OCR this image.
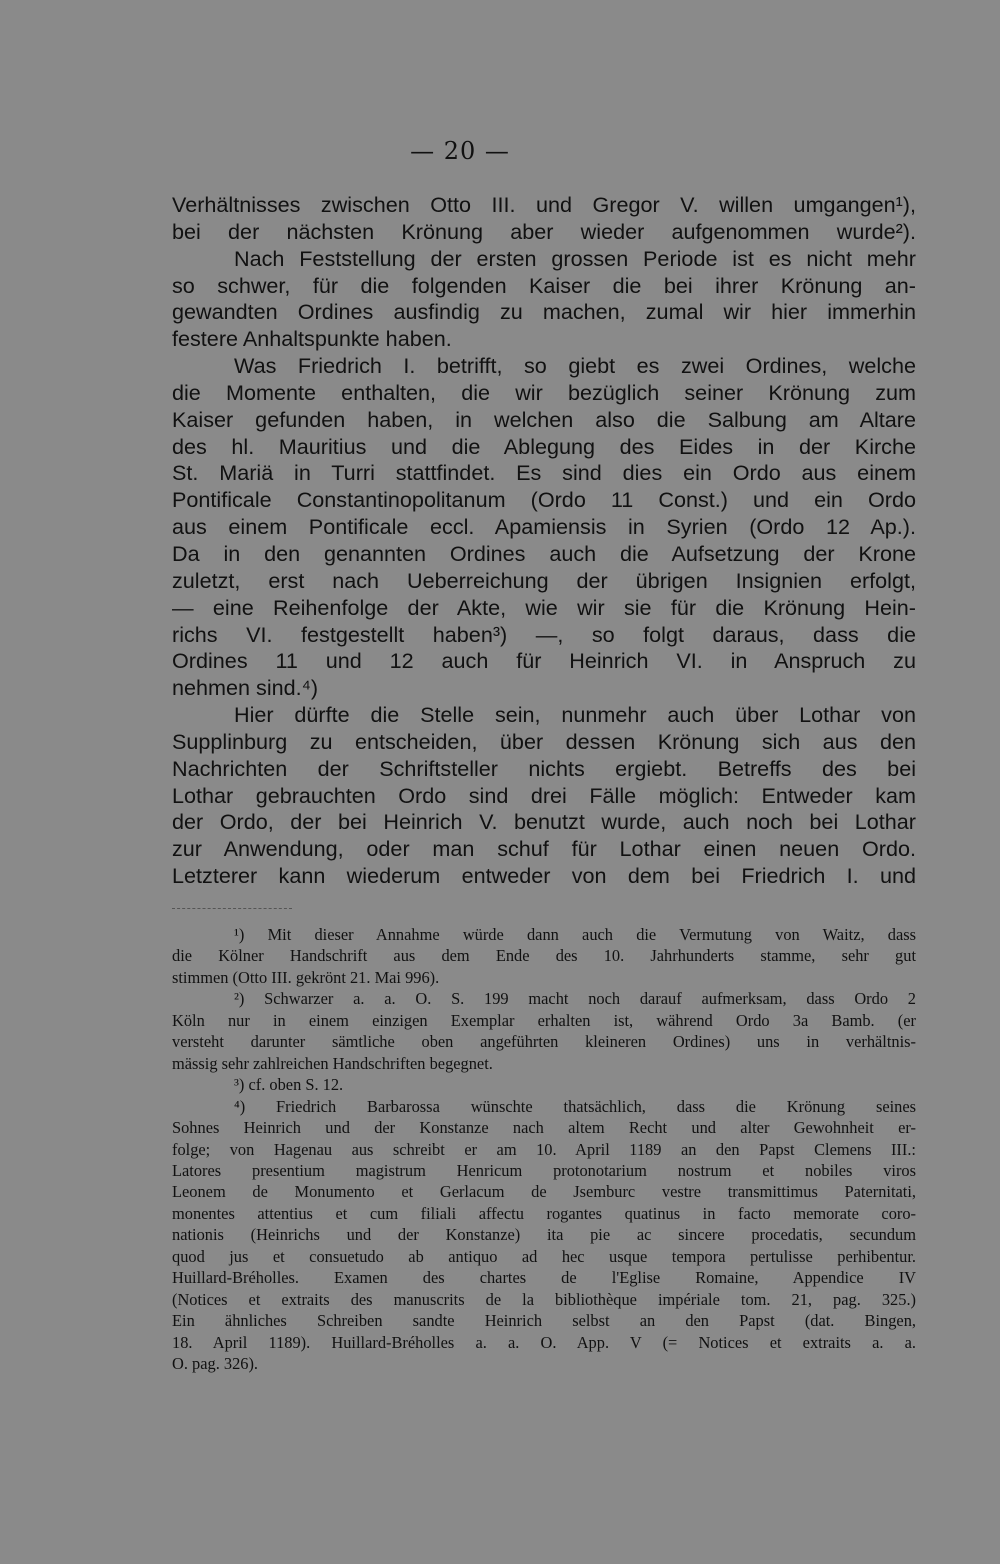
— 20 —
Verhältnisses zwischen Otto III. und Gregor V. willen umgangen¹),
bei der nächsten Krönung aber wieder aufgenommen wurde²).
Nach Feststellung der ersten grossen Periode ist es nicht mehr
so schwer, für die folgenden Kaiser die bei ihrer Krönung an-
gewandten Ordines ausfindig zu machen, zumal wir hier immerhin
festere Anhaltspunkte haben.
Was Friedrich I. betrifft, so giebt es zwei Ordines, welche
die Momente enthalten, die wir bezüglich seiner Krönung zum
Kaiser gefunden haben, in welchen also die Salbung am Altare
des hl. Mauritius und die Ablegung des Eides in der Kirche
St. Mariä in Turri stattfindet. Es sind dies ein Ordo aus einem
Pontificale Constantinopolitanum (Ordo 11 Const.) und ein Ordo
aus einem Pontificale eccl. Apamiensis in Syrien (Ordo 12 Ap.).
Da in den genannten Ordines auch die Aufsetzung der Krone
zuletzt, erst nach Ueberreichung der übrigen Insignien erfolgt,
— eine Reihenfolge der Akte, wie wir sie für die Krönung Hein-
richs VI. festgestellt haben³) —, so folgt daraus, dass die
Ordines 11 und 12 auch für Heinrich VI. in Anspruch zu
nehmen sind.⁴)
Hier dürfte die Stelle sein, nunmehr auch über Lothar von
Supplinburg zu entscheiden, über dessen Krönung sich aus den
Nachrichten der Schriftsteller nichts ergiebt. Betreffs des bei
Lothar gebrauchten Ordo sind drei Fälle möglich: Entweder kam
der Ordo, der bei Heinrich V. benutzt wurde, auch noch bei Lothar
zur Anwendung, oder man schuf für Lothar einen neuen Ordo.
Letzterer kann wiederum entweder von dem bei Friedrich I. und
¹) Mit dieser Annahme würde dann auch die Vermutung von Waitz, dass
die Kölner Handschrift aus dem Ende des 10. Jahrhunderts stamme, sehr gut
stimmen (Otto III. gekrönt 21. Mai 996).
²) Schwarzer a. a. O. S. 199 macht noch darauf aufmerksam, dass Ordo 2
Köln nur in einem einzigen Exemplar erhalten ist, während Ordo 3a Bamb. (er
versteht darunter sämtliche oben angeführten kleineren Ordines) uns in verhältnis-
mässig sehr zahlreichen Handschriften begegnet.
³) cf. oben S. 12.
⁴) Friedrich Barbarossa wünschte thatsächlich, dass die Krönung seines
Sohnes Heinrich und der Konstanze nach altem Recht und alter Gewohnheit er-
folge; von Hagenau aus schreibt er am 10. April 1189 an den Papst Clemens III.:
Latores presentium magistrum Henricum protonotarium nostrum et nobiles viros
Leonem de Monumento et Gerlacum de Jsemburc vestre transmittimus Paternitati,
monentes attentius et cum filiali affectu rogantes quatinus in facto memorate coro-
nationis (Heinrichs und der Konstanze) ita pie ac sincere procedatis, secundum
quod jus et consuetudo ab antiquo ad hec usque tempora pertulisse perhibentur.
Huillard-Bréholles. Examen des chartes de l'Eglise Romaine, Appendice IV
(Notices et extraits des manuscrits de la bibliothèque impériale tom. 21, pag. 325.)
Ein ähnliches Schreiben sandte Heinrich selbst an den Papst (dat. Bingen,
18. April 1189). Huillard-Bréholles a. a. O. App. V (= Notices et extraits a. a.
O. pag. 326).
